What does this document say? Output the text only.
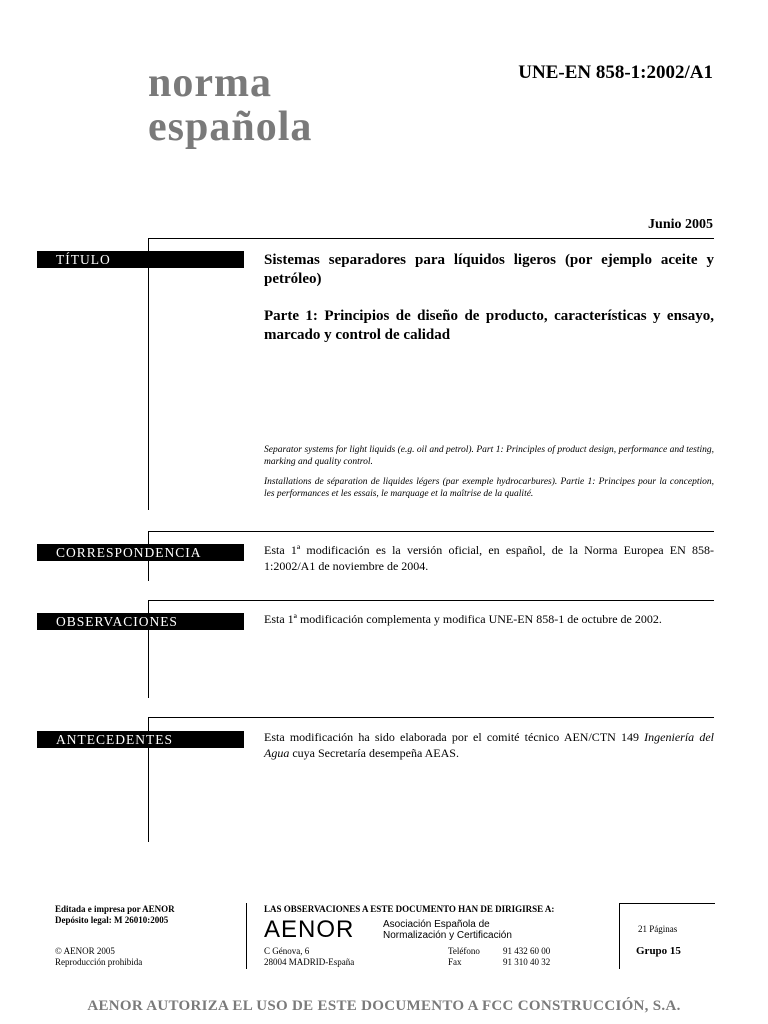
norma
española
UNE-EN 858-1:2002/A1
Junio 2005
TÍTULO	Sistemas separadores para líquidos ligeros (por ejemplo aceite y petróleo)
Parte 1: Principios de diseño de producto, características y ensayo, marcado y control de calidad
Separator systems for light liquids (e.g. oil and petrol). Part 1: Principles of product design, performance and testing, marking and quality control.
Installations de séparation de liquides légers (par exemple hydrocarbures). Partie 1: Principes pour la conception, les performances et les essais, le marquage et la maîtrise de la qualité.
CORRESPONDENCIA	Esta 1ª modificación es la versión oficial, en español, de la Norma Europea EN 858-1:2002/A1 de noviembre de 2004.
OBSERVACIONES	Esta 1ª modificación complementa y modifica UNE-EN 858-1 de octubre de 2002.
ANTECEDENTES	Esta modificación ha sido elaborada por el comité técnico AEN/CTN 149 Ingeniería del Agua cuya Secretaría desempeña AEAS.
Editada e impresa por AENOR
Depósito legal: M 26010:2005
© AENOR 2005
Reproducción prohibida
LAS OBSERVACIONES A ESTE DOCUMENTO HAN DE DIRIGIRSE A:
AENOR	Asociación Española de
Normalización y Certificación
C Génova, 6
28004 MADRID-España
Teléfono	91 432 60 00
Fax	91 310 40 32
21 Páginas
Grupo 15
AENOR AUTORIZA EL USO DE ESTE DOCUMENTO A FCC CONSTRUCCIÓN, S.A.
